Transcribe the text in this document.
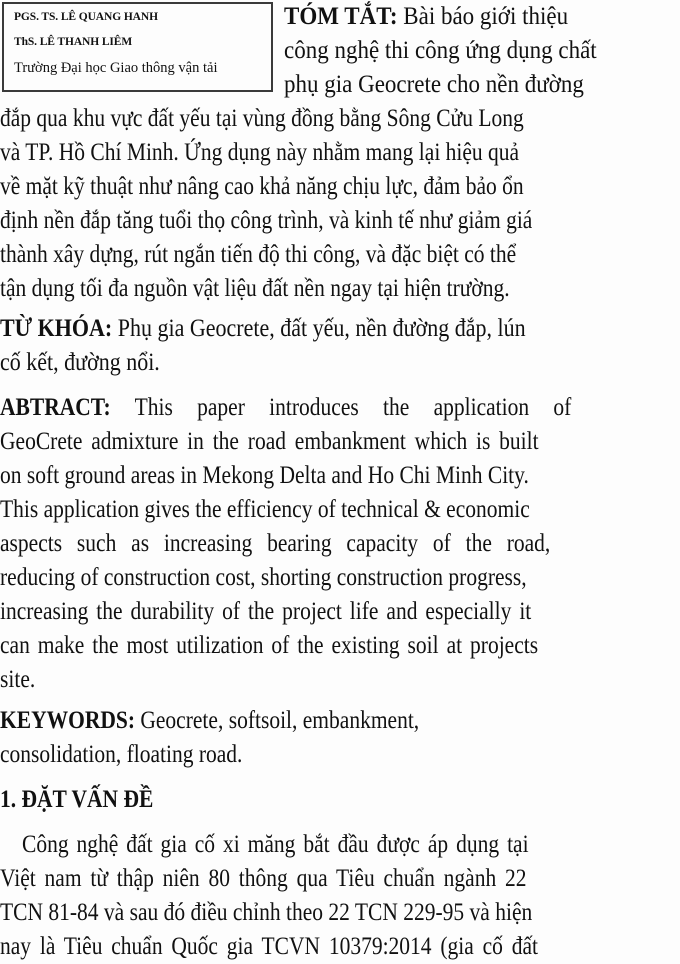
PGS. TS. LÊ QUANG HANH
ThS. LÊ THANH LIÊM
Trường Đại học Giao thông vận tải
TÓM TẮT: Bài báo giới thiệu
công nghệ thi công ứng dụng chất
phụ gia Geocrete cho nền đường
đắp qua khu vực đất yếu tại vùng đồng bằng Sông Cửu Long
và TP. Hồ Chí Minh. Ứng dụng này nhằm mang lại hiệu quả
về mặt kỹ thuật như nâng cao khả năng chịu lực, đảm bảo ổn
định nền đắp tăng tuổi thọ công trình, và kinh tế như giảm giá
thành xây dựng, rút ngắn tiến độ thi công, và đặc biệt có thể
tận dụng tối đa nguồn vật liệu đất nền ngay tại hiện trường.
TỪ KHÓA: Phụ gia Geocrete, đất yếu, nền đường đắp, lún
cố kết, đường nổi.
ABTRACT: This paper introduces the application of
GeoCrete admixture in the road embankment which is built
on soft ground areas in Mekong Delta and Ho Chi Minh City.
This application gives the efficiency of technical & economic
aspects such as increasing bearing capacity of the road,
reducing of construction cost, shorting construction progress,
increasing the durability of the project life and especially it
can make the most utilization of the existing soil at projects
site.
KEYWORDS: Geocrete, softsoil, embankment,
consolidation, floating road.
1. ĐẶT VẤN ĐỀ
Công nghệ đất gia cố xi măng bắt đầu được áp dụng tại
Việt nam từ thập niên 80 thông qua Tiêu chuẩn ngành 22
TCN 81-84 và sau đó điều chỉnh theo 22 TCN 229-95 và hiện
nay là Tiêu chuẩn Quốc gia TCVN 10379:2014 (gia cố đất
